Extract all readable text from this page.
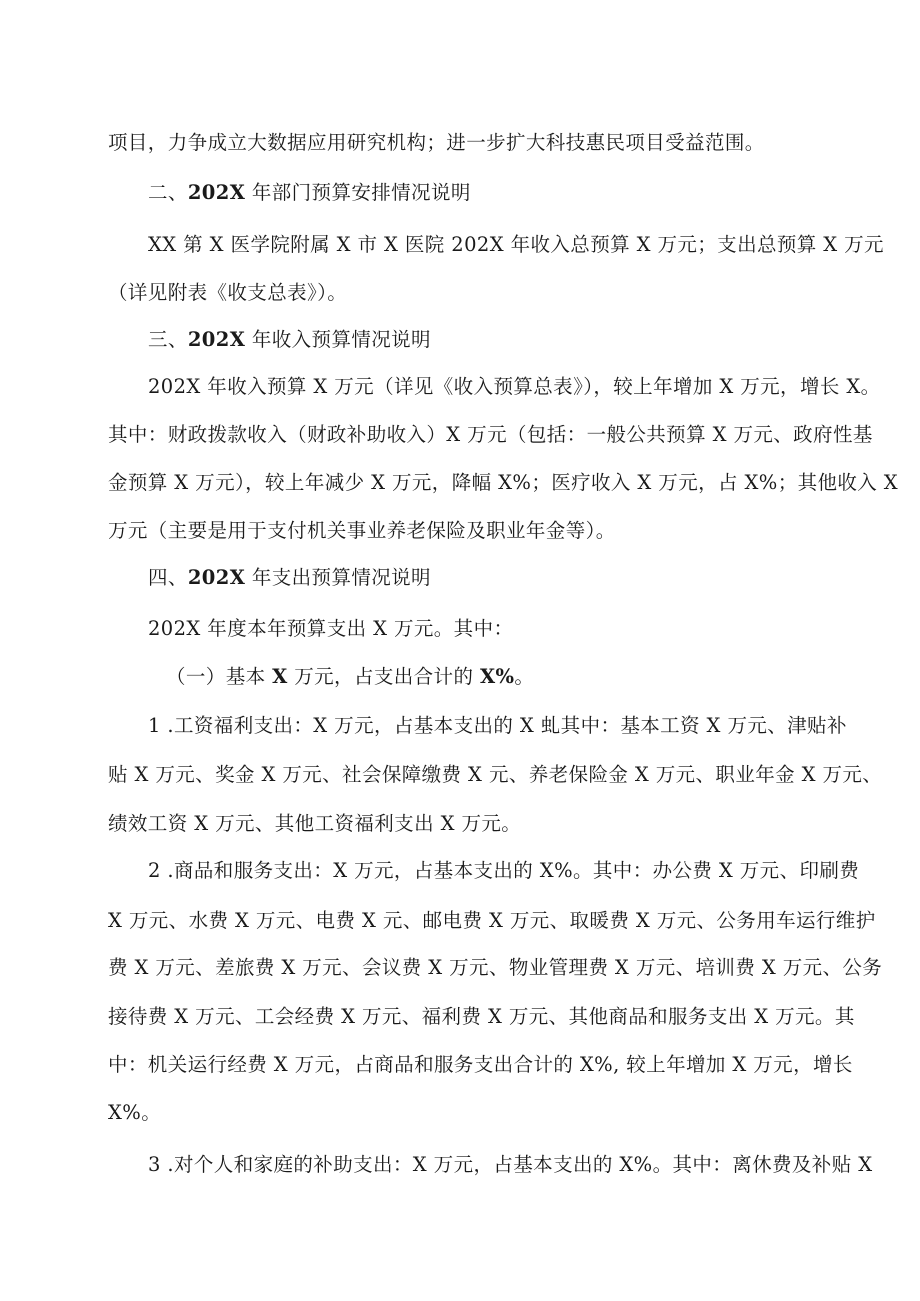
项目，力争成立大数据应用研究机构；进一步扩大科技惠民项目受益范围。
二、202X 年部门预算安排情况说明
XX 第 X 医学院附属 X 市 X 医院 202X 年收入总预算 X 万元；支出总预算 X 万元
（详见附表《收支总表》）。
三、202X 年收入预算情况说明
202X 年收入预算 X 万元（详见《收入预算总表》），较上年增加 X 万元，增长 X。
其中：财政拨款收入（财政补助收入）X 万元（包括：一般公共预算 X 万元、政府性基
金预算 X 万元），较上年减少 X 万元，降幅 X%；医疗收入 X 万元，占 X%；其他收入 X
万元（主要是用于支付机关事业养老保险及职业年金等）。
四、202X 年支出预算情况说明
202X 年度本年预算支出 X 万元。其中：
（一）基本 X 万元，占支出合计的 X%。
1 .工资福利支出：X 万元，占基本支出的 X 虬其中：基本工资 X 万元、津贴补
贴 X 万元、奖金 X 万元、社会保障缴费 X 元、养老保险金 X 万元、职业年金 X 万元、
绩效工资 X 万元、其他工资福利支出 X 万元。
2 .商品和服务支出：X 万元，占基本支出的 X%。其中：办公费 X 万元、印刷费
X 万元、水费 X 万元、电费 X 元、邮电费 X 万元、取暖费 X 万元、公务用车运行维护
费 X 万元、差旅费 X 万元、会议费 X 万元、物业管理费 X 万元、培训费 X 万元、公务
接待费 X 万元、工会经费 X 万元、福利费 X 万元、其他商品和服务支出 X 万元。其
中：机关运行经费 X 万元，占商品和服务支出合计的 X%, 较上年增加 X 万元，增长
X%。
3 .对个人和家庭的补助支出：X 万元，占基本支出的 X%。其中：离休费及补贴 X
